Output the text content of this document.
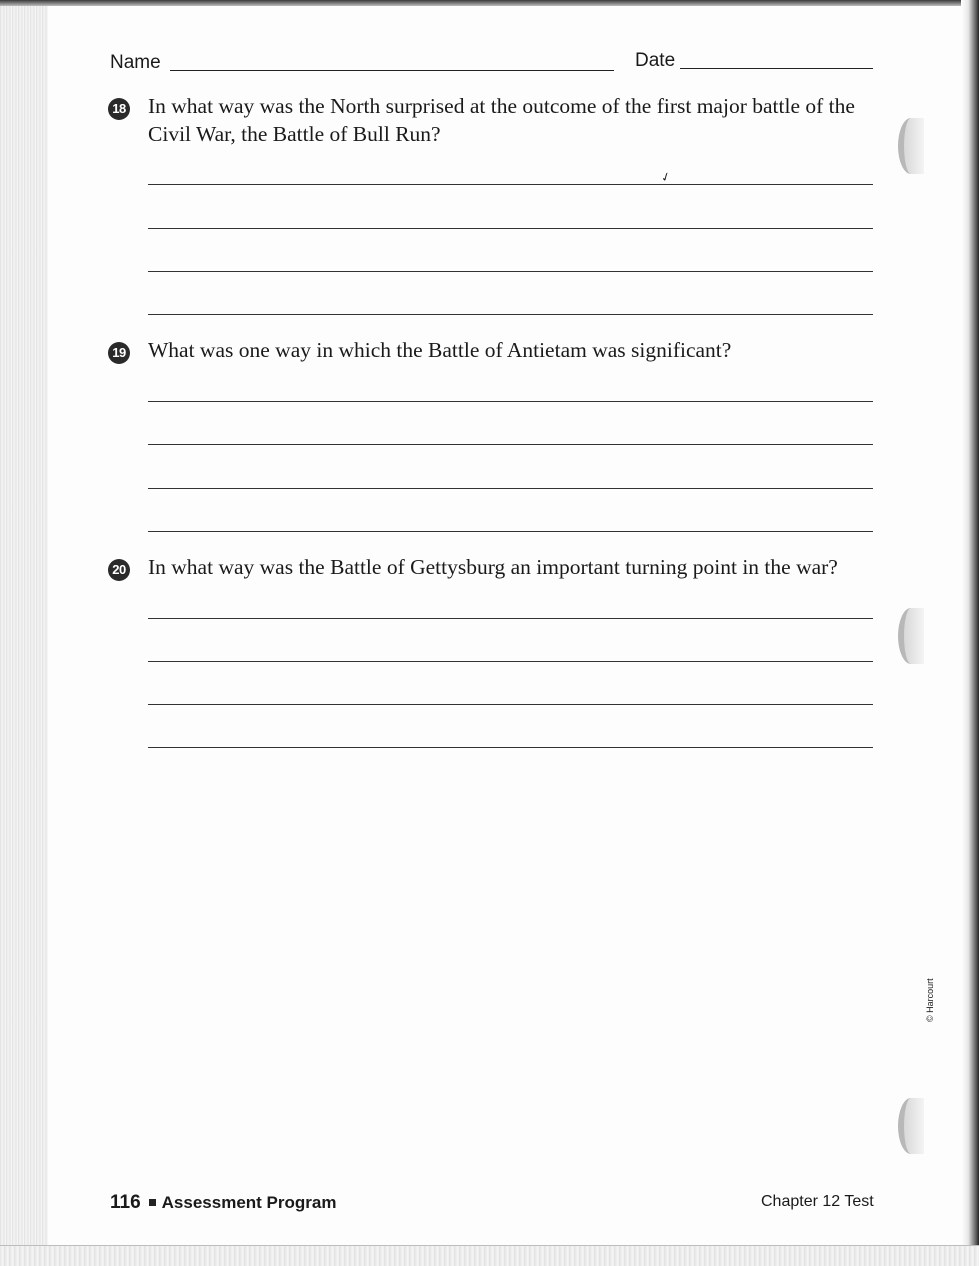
Name	Date
18 In what way was the North surprised at the outcome of the first major battle of the Civil War, the Battle of Bull Run?
✓
19 What was one way in which the Battle of Antietam was significant?
20 In what way was the Battle of Gettysburg an important turning point in the war?
© Harcourt
116 Assessment Program	Chapter 12 Test
